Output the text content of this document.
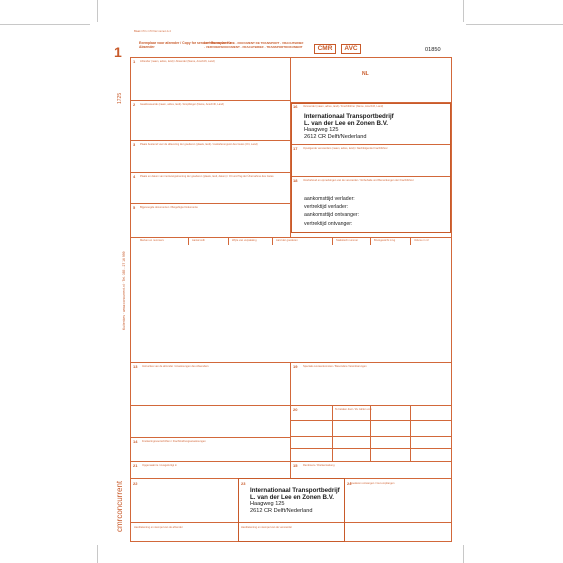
Blaak 173 x 173 hier nemen A.4
1
1725
Kuitenkes · www.concurrent.nl · Tel. 085 - 27 16 999
cmrconcurrent
Exemplaar voor afzender / Copy for sender / Exemplar für Absender
LETTRE DE VOITURE · DOCUMENT DE TRANSPORT · VRACHTBRIEF · VERVOERSDOCUMENT · FRACHTBRIEF · TRANSPORTDOKUMENT	CMR	AVC	01850
NL
1
2
3
4
5
16
17
18
13	19
20
14
21	15
22	23	24
Afzender (naam, adres, land) / Absender (Name, Anschrift, Land)
Geadresseerde (naam, adres, land) / Empfänger (Name, Anschrift, Land)
Plaats bestemd voor de aflevering der goederen (plaats, land) / Auslieferungsort des Gutes (Ort, Land)
Plaats en datum van inontvangstneming der goederen (plaats, land, datum) / Ort und Tag der Übernahme des Gutes
Bijgevoegde documenten / Beigefügte Dokumente
Vervoerder (naam, adres, land) / Frachtführer (Name, Anschrift, Land)
Opvolgende vervoerders (naam, adres, land) / Nachfolgende Frachtführer
Voorbehoud en opmerkingen van de vervoerder / Vorbehalte und Bemerkungen der Frachtführer
Instructies van de afzender / Anweisungen des Absenders	Speciale overeenkomsten / Besondere Vereinbarungen
Te betalen door / Zu zahlen vom
Frankeringsvoorschriften / Frachtzahlungsanweisungen
Opgemaakt te / Ausgefertigt in	Rembours / Rückerstattung
Handtekening en stempel van de afzender	Handtekening en stempel van de vervoerder
Goederen ontvangen / Gut empfangen
Merken en nummers	Aantal colli	Wijze van verpakking	Aard der goederen	Statistisch nummer	Brutogewicht in kg	Volume in m³
Internationaal Transportbedrijf
L. van der Lee en Zonen B.V.
Haagweg 125
2612 CR Delft/Nederland
aankomsttijd verlader:
vertrektijd verlader:
aankomsttijd ontvanger:
vertrektijd ontvanger:
Internationaal Transportbedrijf
L. van der Lee en Zonen B.V.
Haagweg 125
2612 CR Delft/Nederland
